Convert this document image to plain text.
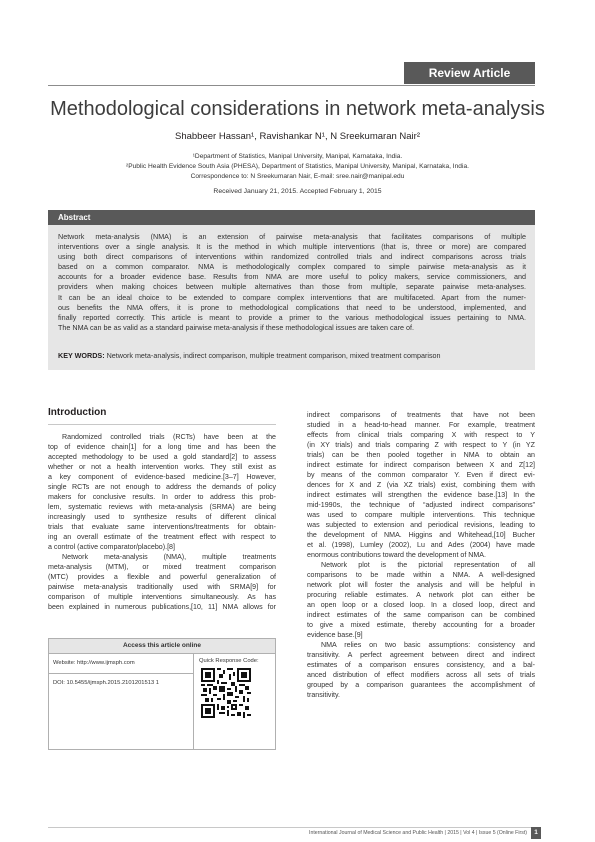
Review Article
Methodological considerations in network meta-analysis
Shabbeer Hassan¹, Ravishankar N¹, N Sreekumaran Nair²
¹Department of Statistics, Manipal University, Manipal, Karnataka, India.
²Public Health Evidence South Asia (PHESA), Department of Statistics, Manipal University, Manipal, Karnataka, India.
Correspondence to: N Sreekumaran Nair, E-mail: sree.nair@manipal.edu
Received January 21, 2015. Accepted February 1, 2015
Abstract
Network meta-analysis (NMA) is an extension of pairwise meta-analysis that facilitates comparisons of multiple
interventions over a single analysis. It is the method in which multiple interventions (that is, three or more) are compared
using both direct comparisons of interventions within randomized controlled trials and indirect comparisons across trials
based on a common comparator. NMA is methodologically complex compared to simple pairwise meta-analysis as it
accounts for a broader evidence base. Results from NMA are more useful to policy makers, service commissioners, and
providers when making choices between multiple alternatives than those from multiple, separate pairwise meta-analyses.
It can be an ideal choice to be extended to compare complex interventions that are multifaceted. Apart from the numer-
ous benefits the NMA offers, it is prone to methodological complications that need to be understood, implemented, and
finally reported correctly. This article is meant to provide a primer to the various methodological issues pertaining to NMA.
The NMA can be as valid as a standard pairwise meta-analysis if these methodological issues are taken care of.
KEY WORDS: Network meta-analysis, indirect comparison, multiple treatment comparison, mixed treatment comparison
Introduction
Randomized controlled trials (RCTs) have been at the
top of evidence chain[1] for a long time and has been the
accepted methodology to be used a gold standard[2] to assess
whether or not a health intervention works. They still exist as
a key component of evidence-based medicine.[3–7] However,
single RCTs are not enough to address the demands of policy
makers for conclusive results. In order to address this prob-
lem, systematic reviews with meta-analysis (SRMA) are being
increasingly used to synthesize results of different clinical
trials that evaluate same interventions/treatments for obtain-
ing an overall estimate of the treatment effect with respect to
a control (active comparator/placebo).[8]
Network meta-analysis (NMA), multiple treatments
meta-analysis (MTM), or mixed treatment comparison
(MTC) provides a flexible and powerful generalization of
pairwise meta-analysis traditionally used with SRMA[9] for
comparison of multiple interventions simultaneously. As has
been explained in numerous publications,[10, 11] NMA allows for
Access this article online
Website: http://www.ijmsph.com
DOI: 10.5455/ijmsph.2015.2101201513 1
Quick Response Code:
indirect comparisons of treatments that have not been
studied in a head-to-head manner. For example, treatment
effects from clinical trials comparing X with respect to Y
(in XY trials) and trials comparing Z with respect to Y (in YZ
trials) can be then pooled together in NMA to obtain an
indirect estimate for indirect comparison between X and Z[12]
by means of the common comparator Y. Even if direct evi-
dences for X and Z (via XZ trials) exist, combining them with
indirect estimates will strengthen the evidence base.[13] In the
mid-1990s, the technique of “adjusted indirect comparisons”
was used to compare multiple interventions. This technique
was subjected to extension and periodical revisions, leading to
the development of NMA. Higgins and Whitehead,[10] Bucher
et al. (1998), Lumley (2002), Lu and Ades (2004) have made
enormous contributions toward the development of NMA.
Network plot is the pictorial representation of all
comparisons to be made within a NMA. A well-designed
network plot will foster the analysis and will be helpful in
procuring reliable estimates. A network plot can either be
an open loop or a closed loop. In a closed loop, direct and
indirect estimates of the same comparison can be combined
to give a mixed estimate, thereby accounting for a broader
evidence base.[9]
NMA relies on two basic assumptions: consistency and
transitivity. A perfect agreement between direct and indirect
estimates of a comparison ensures consistency, and a bal-
anced distribution of effect modifiers across all sets of trials
grouped by a comparison guarantees the accomplishment of
transitivity.
International Journal of Medical Science and Public Health | 2015 | Vol 4 | Issue 5 (Online First)	1
